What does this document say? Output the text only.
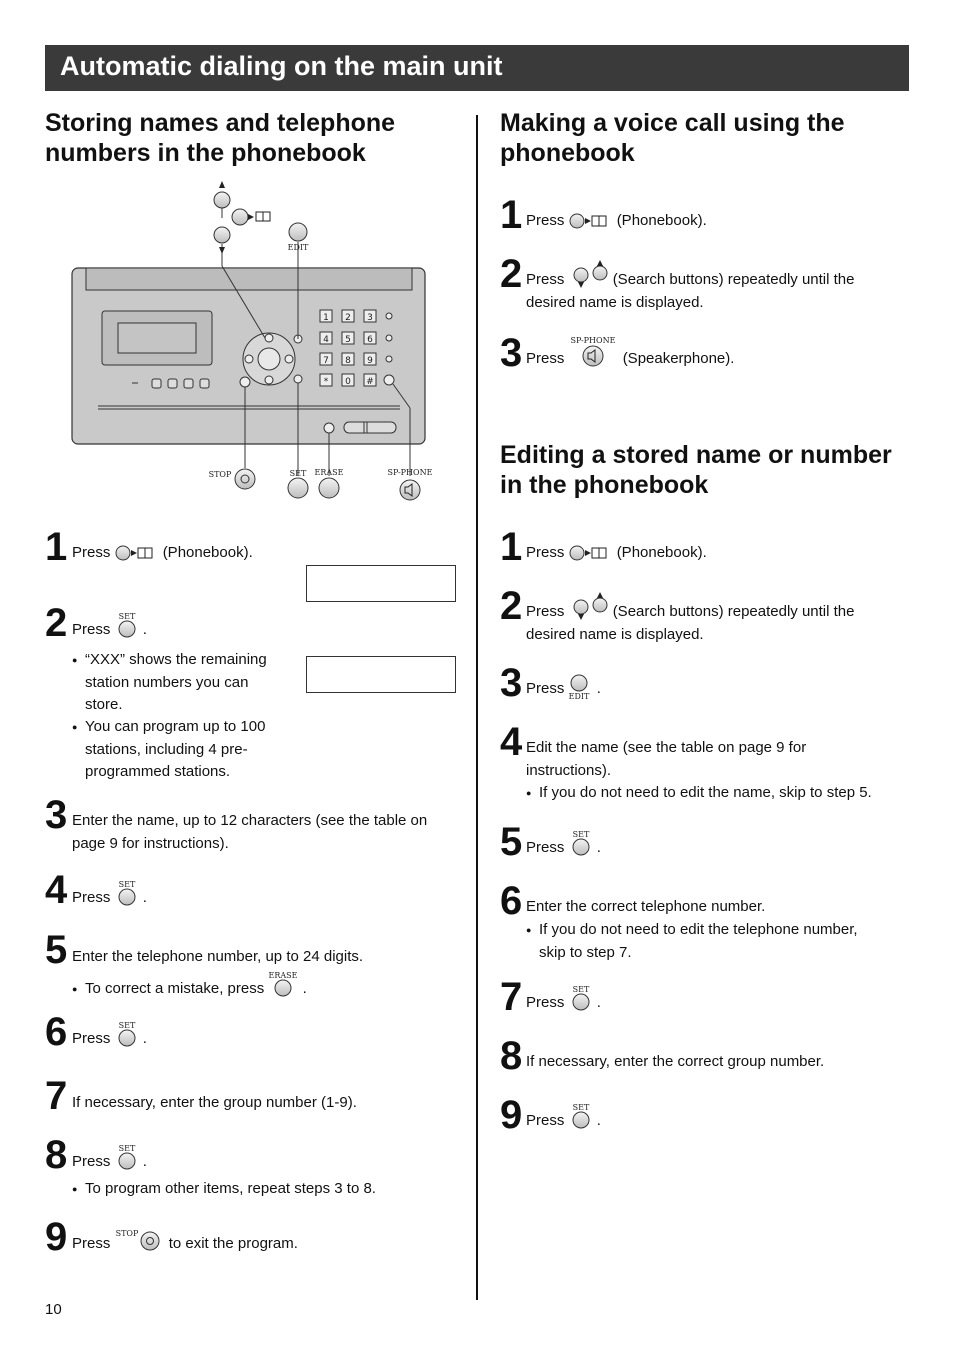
Automatic dialing on the main unit
Storing names and telephone
numbers in the phonebook
1 2 3
4 5 6
7 8 9
* 0 #
EDIT
STOP	SET ERASE	SP-PHONE
1 Press	(Phonebook).
2 Press
SET
.
● “XXX” shows the remaining
station numbers you can
store.
● You can program up to 100
stations, including 4 pre-
programmed stations.
3 Enter the name, up to 12 characters (see the table on
page 9 for instructions).
4 Press
SET
.
5 Enter the telephone number, up to 24 digits.
● To correct a mistake, press
ERASE
.
6 Press
SET
.
7 If necessary, enter the group number (1-9).
8 Press
SET
.
● To program other items, repeat steps 3 to 8.
9 Press
STOP
to exit the program.
Making a voice call using the
phonebook
1 Press	(Phonebook).
2 Press	(Search buttons) repeatedly until the
desired name is displayed.
3 Press
SP-PHONE
(Speakerphone).
Editing a stored name or number
in the phonebook
1 Press	(Phonebook).
2 Press	(Search buttons) repeatedly until the
desired name is displayed.
3 Press EDIT .
4 Edit the name (see the table on page 9 for
instructions).
● If you do not need to edit the name, skip to step 5.
5 Press
SET
.
6 Enter the correct telephone number.
● If you do not need to edit the telephone number,
skip to step 7.
7 Press
SET
.
8 If necessary, enter the correct group number.
9 Press
SET
.
10
